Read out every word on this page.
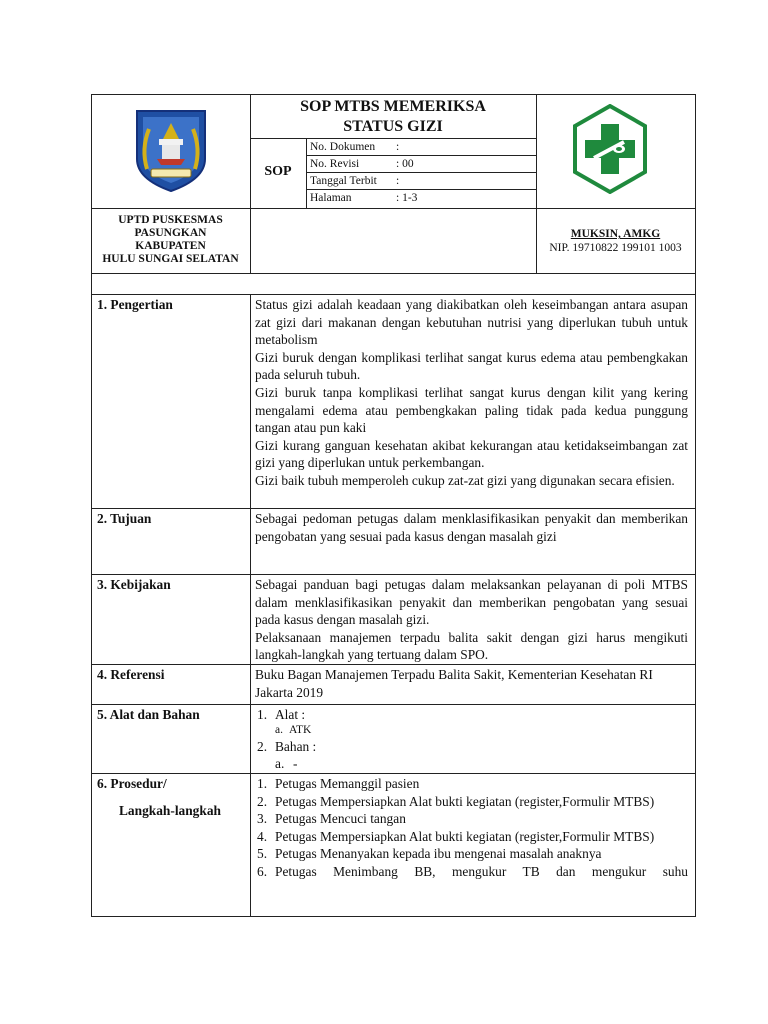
SOP MTBS MEMERIKSA
STATUS GIZI
SOP
No. Dokumen :
No. Revisi	: 00
Tanggal Terbit :
Halaman	: 1-3
UPTD PUSKESMAS
PASUNGKAN
KABUPATEN
HULU SUNGAI SELATAN
MUKSIN, AMKG
NIP. 19710822 199101 1003
1. Pengertian	Status gizi adalah keadaan yang diakibatkan oleh keseimbangan antara asupan zat gizi dari makanan dengan kebutuhan nutrisi yang diperlukan tubuh untuk metabolism
Gizi buruk dengan komplikasi terlihat sangat kurus edema atau pembengkakan pada seluruh tubuh.
Gizi buruk tanpa komplikasi terlihat sangat kurus dengan kilit yang kering mengalami edema atau pembengkakan paling tidak pada kedua punggung tangan atau pun kaki
Gizi kurang ganguan kesehatan akibat kekurangan atau ketidakseimbangan zat gizi yang diperlukan untuk perkembangan.
Gizi baik tubuh memperoleh cukup zat-zat gizi yang digunakan secara efisien.
2. Tujuan	Sebagai pedoman petugas dalam menklasifikasikan penyakit dan memberikan pengobatan yang sesuai pada kasus dengan masalah gizi
3. Kebijakan	Sebagai panduan bagi petugas dalam melaksankan pelayanan di poli MTBS dalam menklasifikasikan penyakit dan memberikan pengobatan yang sesuai pada kasus dengan masalah gizi.
Pelaksanaan manajemen terpadu balita sakit dengan gizi harus mengikuti langkah-langkah yang tertuang dalam SPO.
4. Referensi	Buku Bagan Manajemen Terpadu Balita Sakit, Kementerian Kesehatan RI Jakarta 2019
5. Alat dan Bahan	1. Alat :
a. ATK
2. Bahan :
a. -
6. Prosedur/
Langkah-langkah
1. Petugas Memanggil pasien
2. Petugas Mempersiapkan Alat bukti kegiatan (register,Formulir MTBS)
3. Petugas Mencuci tangan
4. Petugas Mempersiapkan Alat bukti kegiatan (register,Formulir MTBS)
5. Petugas Menanyakan kepada ibu mengenai masalah anaknya
6. Petugas Menimbang BB, mengukur TB dan mengukur suhu
